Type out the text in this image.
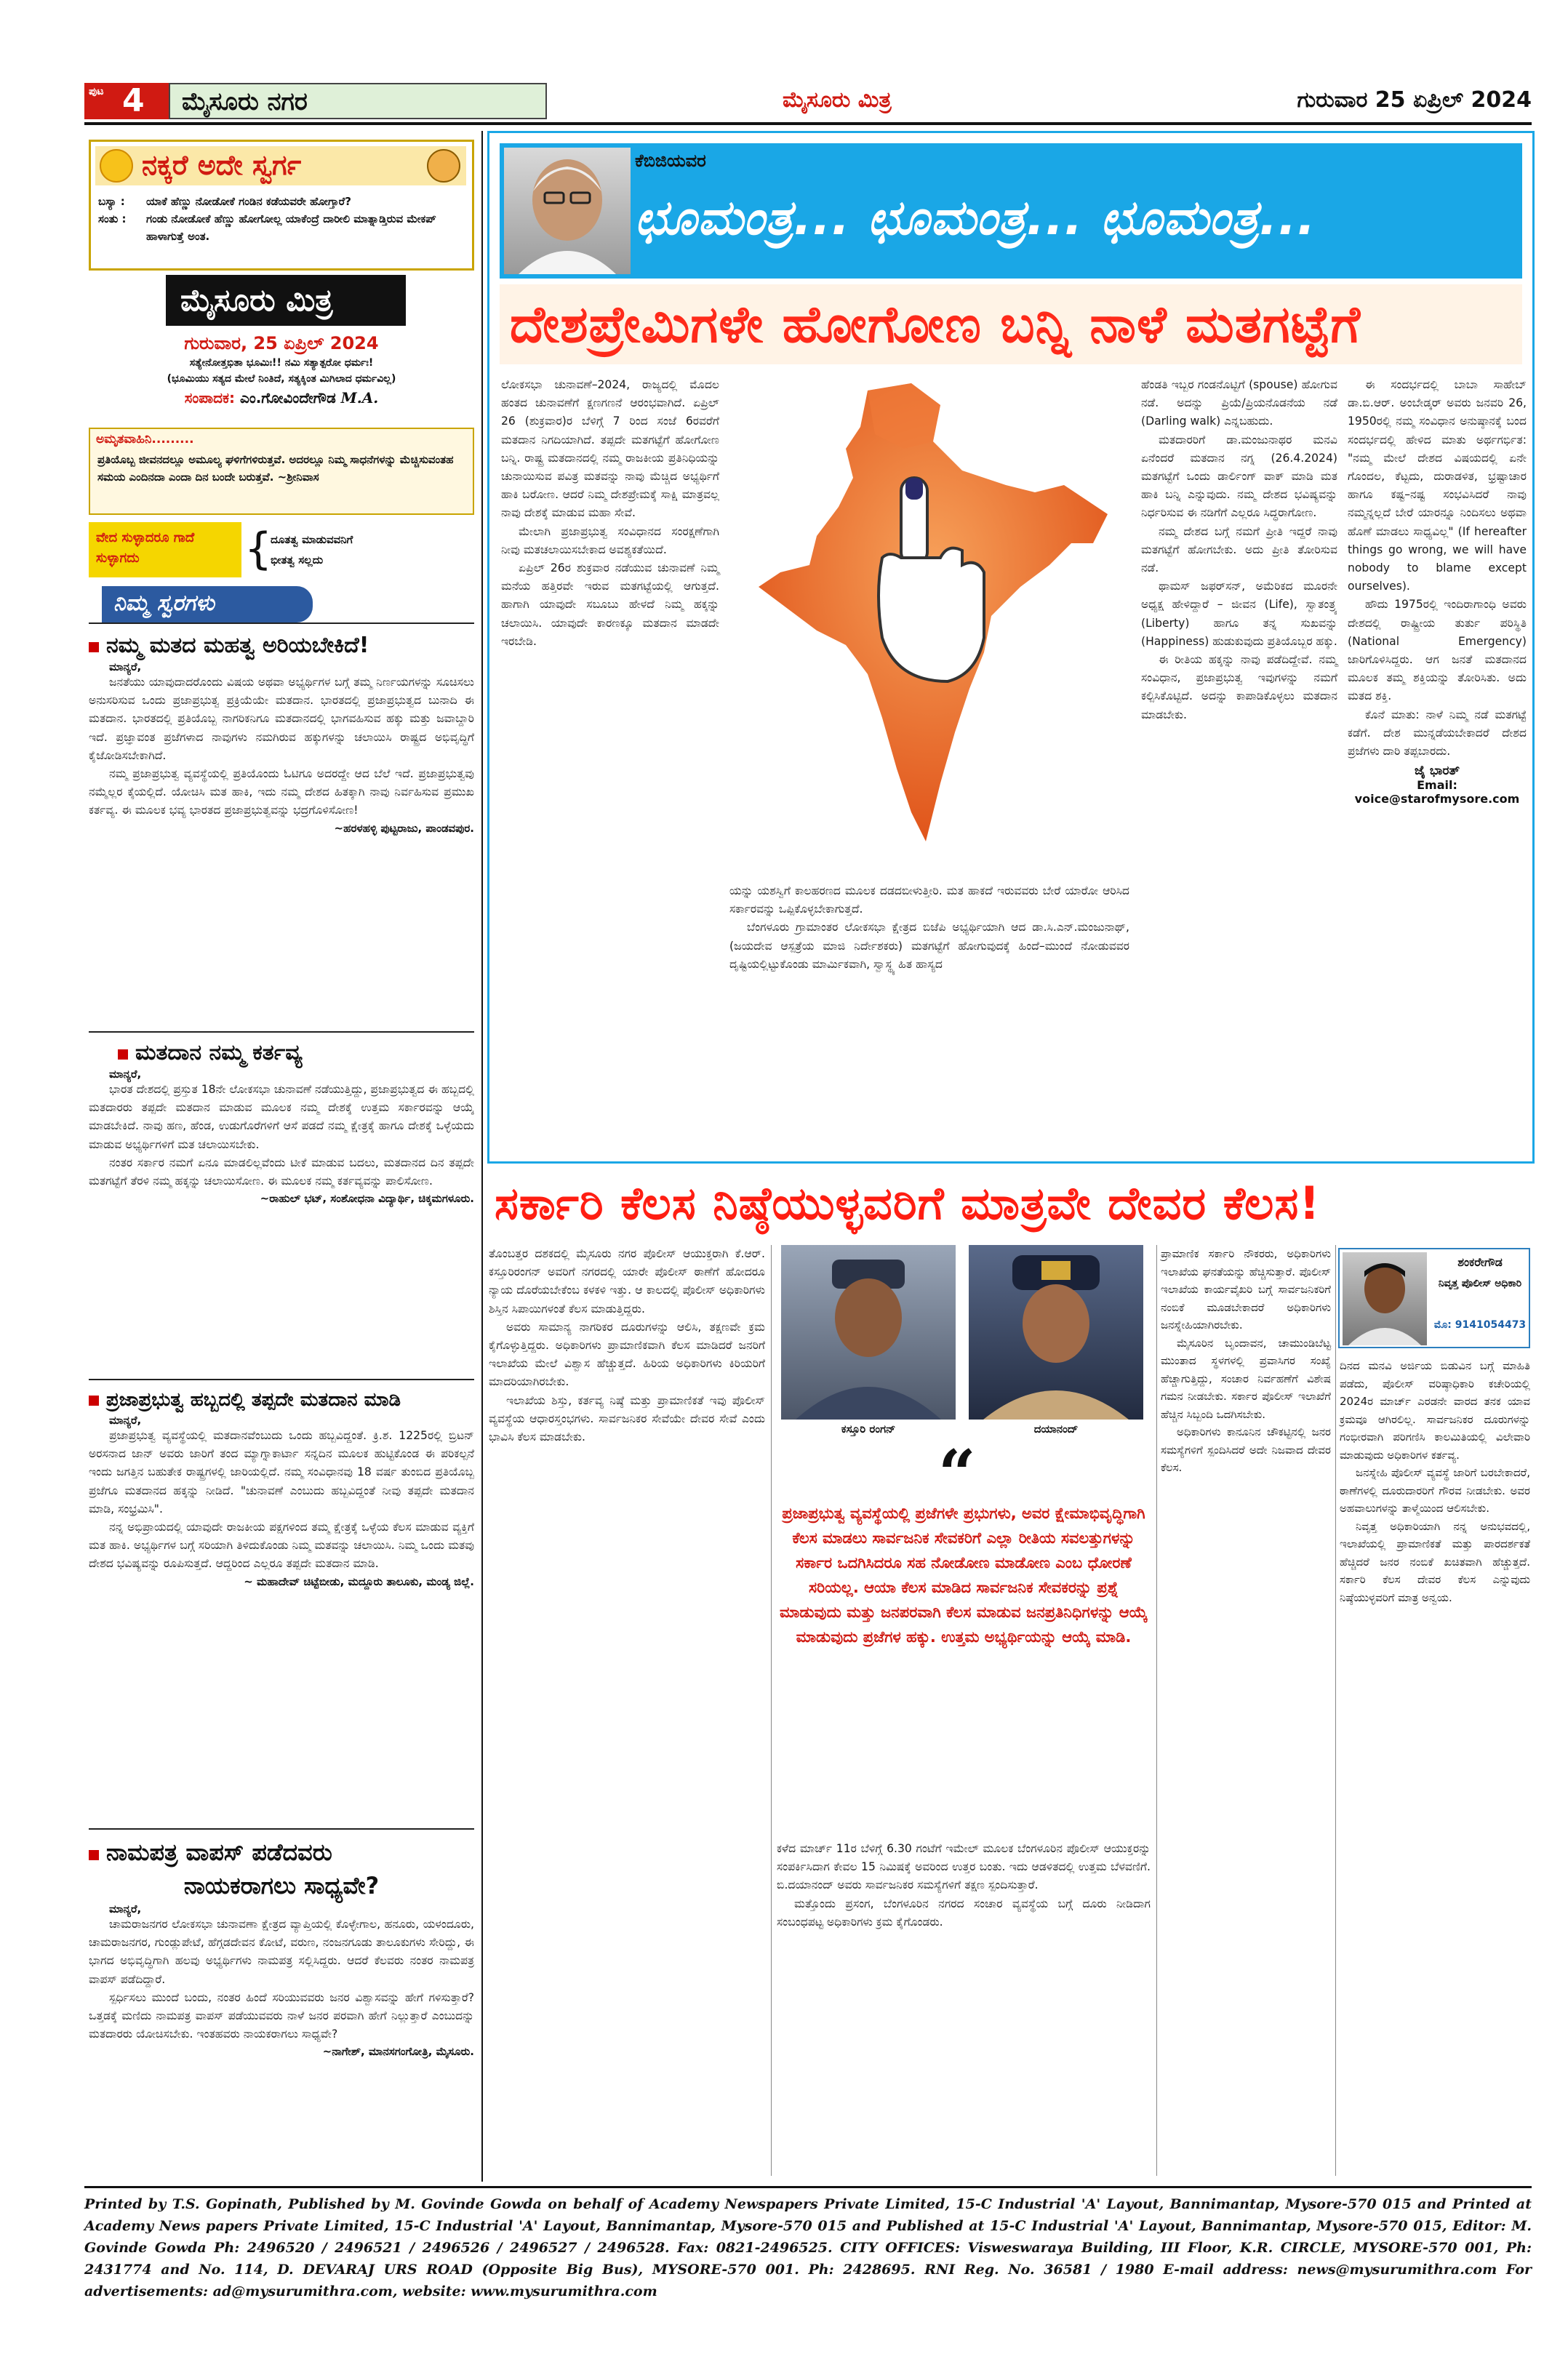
ಪುಟ 4 ಮೈಸೂರು ನಗರ	ಮೈಸೂರು ಮಿತ್ರ	ಗುರುವಾರ 25 ಏಪ್ರಿಲ್ 2024
ನಕ್ಕರೆ ಅದೇ ಸ್ವರ್ಗ
ಬಸ್ಯಾ :	ಯಾಕೆ ಹೆಣ್ಣು ನೋಡೋಕೆ ಗಂಡಿನ ಕಡೆಯವರೇ ಹೋಗ್ತಾರೆ?
ಸಂತು :	ಗಂಡು ನೋಡೋಕೆ ಹೆಣ್ಣು ಹೋಗೋಲ್ಲ ಯಾಕೆಂದ್ರೆ ದಾರೀಲಿ ಮಾತ್ನಾಡ್ತಿರುವ ಮೇಕಪ್ ಹಾಳಾಗುತ್ತೆ ಅಂತ.
ಮೈಸೂರು ಮಿತ್ರ
ಗುರುವಾರ, 25 ಏಪ್ರಿಲ್ 2024
ಸತ್ಯೇನೋತ್ತಭಿತಾ ಭೂಮಿಃ!! ನಮಿ ಸತ್ಯಾತ್ಪರೋ ಧರ್ಮಃ!
(ಭೂಮಿಯು ಸತ್ಯದ ಮೇಲೆ ನಿಂತಿದೆ, ಸತ್ಯಕ್ಕಿಂತ ಮಿಗಿಲಾದ ಧರ್ಮವಿಲ್ಲ)
ಸಂಪಾದಕ: ಎಂ.ಗೋವಿಂದೇಗೌಡ M.A.
ಅಮೃತವಾಹಿನಿ.........
ಪ್ರತಿಯೊಬ್ಬ ಜೀವನದಲ್ಲೂ ಅಮೂಲ್ಯ ಘಳಿಗೆಗಳಿರುತ್ತವೆ. ಅದರಲ್ಲೂ ನಿಮ್ಮ ಸಾಧನೆಗಳನ್ನು ಮೆಚ್ಚಿಸುವಂತಹ ಸಮಯ ಎಂದಿನದಾ ಎಂದಾ ದಿನ ಬಂದೇ ಬರುತ್ತವೆ. ~ಶ್ರೀನಿವಾಸ
ವೇದ ಸುಳ್ಳಾದರೂ ಗಾದೆ ಸುಳ್ಳಾಗದು	{
ದೂತತ್ವ ಮಾಡುವವನಿಗೆ
ಭೀತತ್ವ ಸಲ್ಲದು
ನಿಮ್ಮ ಸ್ವರಗಳು
ನಮ್ಮ ಮತದ ಮಹತ್ವ ಅರಿಯಬೇಕಿದೆ!

ಮಾನ್ಯರೆ,

ಜನತೆಯು ಯಾವುದಾದರೊಂದು ವಿಷಯ ಅಥವಾ ಅಭ್ಯರ್ಥಿಗಳ ಬಗ್ಗೆ ತಮ್ಮ ನಿರ್ಣಯಗಳನ್ನು ಸೂಚಿಸಲು ಅನುಸರಿಸುವ ಒಂದು ಪ್ರಜಾಪ್ರಭುತ್ವ ಪ್ರಕ್ರಿಯೆಯೇ ಮತದಾನ. ಭಾರತದಲ್ಲಿ ಪ್ರಜಾಪ್ರಭುತ್ವದ ಬುನಾದಿ ಈ ಮತದಾನ. ಭಾರತದಲ್ಲಿ ಪ್ರತಿಯೊಬ್ಬ ನಾಗರಿಕನಿಗೂ ಮತದಾನದಲ್ಲಿ ಭಾಗವಹಿಸುವ ಹಕ್ಕು ಮತ್ತು ಜವಾಬ್ದಾರಿ ಇದೆ. ಪ್ರಜ್ಞಾವಂತ ಪ್ರಜೆಗಳಾದ ನಾವುಗಳು ನಮಗಿರುವ ಹಕ್ಕುಗಳನ್ನು ಚಲಾಯಿಸಿ ರಾಷ್ಟ್ರದ ಅಭಿವೃದ್ಧಿಗೆ ಕೈಜೋಡಿಸಬೇಕಾಗಿದೆ.

ನಮ್ಮ ಪ್ರಜಾಪ್ರಭುತ್ವ ವ್ಯವಸ್ಥೆಯಲ್ಲಿ ಪ್ರತಿಯೊಂದು ಓಟಿಗೂ ಅದರದ್ದೇ ಆದ ಬೆಲೆ ಇದೆ. ಪ್ರಜಾಪ್ರಭುತ್ವವು ನಮ್ಮೆಲ್ಲರ ಕೈಯಲ್ಲಿದೆ. ಯೋಚಿಸಿ ಮತ ಹಾಕಿ, ಇದು ನಮ್ಮ ದೇಶದ ಹಿತಕ್ಕಾಗಿ ನಾವು ನಿರ್ವಹಿಸುವ ಪ್ರಮುಖ ಕರ್ತವ್ಯ. ಈ ಮೂಲಕ ಭವ್ಯ ಭಾರತದ ಪ್ರಜಾಪ್ರಭುತ್ವವನ್ನು ಭದ್ರಗೊಳಿಸೋಣ!

~ಹರಳಹಳ್ಳಿ ಪುಟ್ಟರಾಜು, ಪಾಂಡವಪುರ.

ಮತದಾನ ನಮ್ಮ ಕರ್ತವ್ಯ

ಮಾನ್ಯರೆ,

ಭಾರತ ದೇಶದಲ್ಲಿ ಪ್ರಸ್ತುತ 18ನೇ ಲೋಕಸಭಾ ಚುನಾವಣೆ ನಡೆಯುತ್ತಿದ್ದು, ಪ್ರಜಾಪ್ರಭುತ್ವದ ಈ ಹಬ್ಬದಲ್ಲಿ ಮತದಾರರು ತಪ್ಪದೇ ಮತದಾನ ಮಾಡುವ ಮೂಲಕ ನಮ್ಮ ದೇಶಕ್ಕೆ ಉತ್ತಮ ಸರ್ಕಾರವನ್ನು ಆಯ್ಕೆ ಮಾಡಬೇಕಿದೆ. ನಾವು ಹಣ, ಹೆಂಡ, ಉಡುಗೊರೆಗಳಿಗೆ ಆಸೆ ಪಡದೆ ನಮ್ಮ ಕ್ಷೇತ್ರಕ್ಕೆ ಹಾಗೂ ದೇಶಕ್ಕೆ ಒಳ್ಳೆಯದು ಮಾಡುವ ಅಭ್ಯರ್ಥಿಗಳಿಗೆ ಮತ ಚಲಾಯಿಸಬೇಕು.

ನಂತರ ಸರ್ಕಾರ ನಮಗೆ ಏನೂ ಮಾಡಲಿಲ್ಲವೆಂದು ಟೀಕೆ ಮಾಡುವ ಬದಲು, ಮತದಾನದ ದಿನ ತಪ್ಪದೇ ಮತಗಟ್ಟೆಗೆ ತೆರಳಿ ನಮ್ಮ ಹಕ್ಕನ್ನು ಚಲಾಯಿಸೋಣ. ಈ ಮೂಲಕ ನಮ್ಮ ಕರ್ತವ್ಯವನ್ನು ಪಾಲಿಸೋಣ.

~ರಾಹುಲ್ ಭಟ್, ಸಂಶೋಧನಾ ವಿದ್ಯಾರ್ಥಿ, ಚಿಕ್ಕಮಗಳೂರು.

ಪ್ರಜಾಪ್ರಭುತ್ವ ಹಬ್ಬದಲ್ಲಿ ತಪ್ಪದೇ ಮತದಾನ ಮಾಡಿ

ಮಾನ್ಯರೆ,

ಪ್ರಜಾಪ್ರಭುತ್ವ ವ್ಯವಸ್ಥೆಯಲ್ಲಿ ಮತದಾನವೆಂಬುದು ಒಂದು ಹಬ್ಬವಿದ್ದಂತೆ. ಕ್ರಿ.ಶ. 1225ರಲ್ಲಿ ಬ್ರಿಟನ್ ಅರಸನಾದ ಜಾನ್ ಅವರು ಜಾರಿಗೆ ತಂದ ಮ್ಯಾಗ್ನಾಕಾರ್ಟಾ ಸನ್ನದಿನ ಮೂಲಕ ಹುಟ್ಟಿಕೊಂಡ ಈ ಪರಿಕಲ್ಪನೆ ಇಂದು ಜಗತ್ತಿನ ಬಹುತೇಕ ರಾಷ್ಟ್ರಗಳಲ್ಲಿ ಜಾರಿಯಲ್ಲಿದೆ. ನಮ್ಮ ಸಂವಿಧಾನವು 18 ವರ್ಷ ತುಂಬಿದ ಪ್ರತಿಯೊಬ್ಬ ಪ್ರಜೆಗೂ ಮತದಾನದ ಹಕ್ಕನ್ನು ನೀಡಿದೆ. "ಚುನಾವಣೆ ಎಂಬುದು ಹಬ್ಬವಿದ್ದಂತೆ ನೀವು ತಪ್ಪದೇ ಮತದಾನ ಮಾಡಿ, ಸಂಭ್ರಮಿಸಿ".

ನನ್ನ ಅಭಿಪ್ರಾಯದಲ್ಲಿ ಯಾವುದೇ ರಾಜಕೀಯ ಪಕ್ಷಗಳಿಂದ ತಮ್ಮ ಕ್ಷೇತ್ರಕ್ಕೆ ಒಳ್ಳೆಯ ಕೆಲಸ ಮಾಡುವ ವ್ಯಕ್ತಿಗೆ ಮತ ಹಾಕಿ. ಅಭ್ಯರ್ಥಿಗಳ ಬಗ್ಗೆ ಸರಿಯಾಗಿ ತಿಳಿದುಕೊಂಡು ನಿಮ್ಮ ಮತವನ್ನು ಚಲಾಯಿಸಿ. ನಿಮ್ಮ ಒಂದು ಮತವು ದೇಶದ ಭವಿಷ್ಯವನ್ನು ರೂಪಿಸುತ್ತದೆ. ಆದ್ದರಿಂದ ಎಲ್ಲರೂ ತಪ್ಪದೇ ಮತದಾನ ಮಾಡಿ.

~ ಮಹಾದೇವ್ ಚಿಟ್ಟೆಬೀಡು, ಮದ್ದೂರು ತಾಲೂಕು, ಮಂಡ್ಯ ಜಿಲ್ಲೆ.

ನಾಮಪತ್ರ ವಾಪಸ್ ಪಡೆದವರು
ನಾಯಕರಾಗಲು ಸಾಧ್ಯವೇ?

ಮಾನ್ಯರೆ,

ಚಾಮರಾಜನಗರ ಲೋಕಸಭಾ ಚುನಾವಣಾ ಕ್ಷೇತ್ರದ ವ್ಯಾಪ್ತಿಯಲ್ಲಿ ಕೊಳ್ಳೇಗಾಲ, ಹನೂರು, ಯಳಂದೂರು, ಚಾಮರಾಜನಗರ, ಗುಂಡ್ಲುಪೇಟೆ, ಹೆಗ್ಗಡದೇವನ ಕೋಟೆ, ವರುಣ, ನಂಜನಗೂಡು ತಾಲೂಕುಗಳು ಸೇರಿದ್ದು, ಈ ಭಾಗದ ಅಭಿವೃದ್ಧಿಗಾಗಿ ಹಲವು ಅಭ್ಯರ್ಥಿಗಳು ನಾಮಪತ್ರ ಸಲ್ಲಿಸಿದ್ದರು. ಆದರೆ ಕೆಲವರು ನಂತರ ನಾಮಪತ್ರ ವಾಪಸ್ ಪಡೆದಿದ್ದಾರೆ.

ಸ್ಪರ್ಧಿಸಲು ಮುಂದೆ ಬಂದು, ನಂತರ ಹಿಂದೆ ಸರಿಯುವವರು ಜನರ ವಿಶ್ವಾಸವನ್ನು ಹೇಗೆ ಗಳಿಸುತ್ತಾರೆ? ಒತ್ತಡಕ್ಕೆ ಮಣಿದು ನಾಮಪತ್ರ ವಾಪಸ್ ಪಡೆಯುವವರು ನಾಳೆ ಜನರ ಪರವಾಗಿ ಹೇಗೆ ನಿಲ್ಲುತ್ತಾರೆ ಎಂಬುದನ್ನು ಮತದಾರರು ಯೋಚಿಸಬೇಕು. ಇಂತಹವರು ನಾಯಕರಾಗಲು ಸಾಧ್ಯವೇ?

~ನಾಗೇಶ್, ಮಾನಸಗಂಗೋತ್ರಿ, ಮೈಸೂರು.

ಕೆಬಿಜಿಯವರ
ಛೂಮಂತ್ರ... ಛೂಮಂತ್ರ... ಛೂಮಂತ್ರ...
ದೇಶಪ್ರೇಮಿಗಳೇ ಹೋಗೋಣ ಬನ್ನಿ ನಾಳೆ ಮತಗಟ್ಟೆಗೆ

ಲೋಕಸಭಾ ಚುನಾವಣೆ–2024, ರಾಜ್ಯದಲ್ಲಿ ಮೊದಲ ಹಂತದ ಚುನಾವಣೆಗೆ ಕ್ಷಣಗಣನೆ ಆರಂಭವಾಗಿದೆ. ಏಪ್ರಿಲ್ 26 (ಶುಕ್ರವಾರ)ರ ಬೆಳಿಗ್ಗೆ 7 ರಿಂದ ಸಂಜೆ 6ರವರೆಗೆ ಮತದಾನ ನಿಗದಿಯಾಗಿದೆ. ತಪ್ಪದೇ ಮತಗಟ್ಟೆಗೆ ಹೋಗೋಣ ಬನ್ನಿ. ರಾಷ್ಟ್ರ ಮತದಾನದಲ್ಲಿ ನಮ್ಮ ರಾಜಕೀಯ ಪ್ರತಿನಿಧಿಯನ್ನು ಚುನಾಯಿಸುವ ಪವಿತ್ರ ಮತವನ್ನು ನಾವು ಮೆಚ್ಚಿದ ಅಭ್ಯರ್ಥಿಗೆ ಹಾಕಿ ಬರೋಣ. ಆದರೆ ನಿಮ್ಮ ದೇಶಪ್ರೇಮಕ್ಕೆ ಸಾಕ್ಷಿ ಮಾತ್ರವಲ್ಲ ನಾವು ದೇಶಕ್ಕೆ ಮಾಡುವ ಮಹಾ ಸೇವೆ.

ಮೇಲಾಗಿ ಪ್ರಜಾಪ್ರಭುತ್ವ ಸಂವಿಧಾನದ ಸಂರಕ್ಷಣೆಗಾಗಿ ನೀವು ಮತಚಲಾಯಿಸಬೇಕಾದ ಅವಶ್ಯಕತೆಯಿದೆ.

ಏಪ್ರಿಲ್ 26ರ ಶುಕ್ರವಾರ ನಡೆಯುವ ಚುನಾವಣೆ ನಿಮ್ಮ ಮನೆಯ ಹತ್ತಿರವೇ ಇರುವ ಮತಗಟ್ಟೆಯಲ್ಲಿ ಆಗುತ್ತದೆ. ಹಾಗಾಗಿ ಯಾವುದೇ ಸಬೂಬು ಹೇಳದೆ ನಿಮ್ಮ ಹಕ್ಕನ್ನು ಚಲಾಯಿಸಿ. ಯಾವುದೇ ಕಾರಣಕ್ಕೂ ಮತದಾನ ಮಾಡದೇ ಇರಬೇಡಿ.

ಯನ್ನು ಯಶಸ್ವಿಗೆ ಕಾಲಹರಣದ ಮೂಲಕ ದಡದಬೀಳುತ್ತೀರಿ. ಮತ ಹಾಕದೆ ಇರುವವರು ಬೇರೆ ಯಾರೋ ಆರಿಸಿದ ಸರ್ಕಾರವನ್ನು ಒಪ್ಪಿಕೊಳ್ಳಬೇಕಾಗುತ್ತದೆ.

ಬೆಂಗಳೂರು ಗ್ರಾಮಾಂತರ ಲೋಕಸಭಾ ಕ್ಷೇತ್ರದ ಬಿಜೆಪಿ ಅಭ್ಯರ್ಥಿಯಾಗಿ ಆದ ಡಾ.ಸಿ.ಎನ್.ಮಂಜುನಾಥ್, (ಜಯದೇವ ಆಸ್ಪತ್ರೆಯ ಮಾಜಿ ನಿರ್ದೇಶಕರು) ಮತಗಟ್ಟೆಗೆ ಹೋಗುವುದಕ್ಕೆ ಹಿಂದೆ–ಮುಂದೆ ನೋಡುವವರ ದೃಷ್ಟಿಯಲ್ಲಿಟ್ಟುಕೊಂಡು ಮಾರ್ಮಿಕವಾಗಿ, ಸ್ವಾಸ್ಥ್ಯ ಹಿತ ಹಾಸ್ಯದ

ಹೆಂಡತಿ ಇಬ್ಬರ ಗಂಡನೊಟ್ಟಿಗೆ (spouse) ಹೋಗುವ ನಡೆ. ಅದನ್ನು ಪ್ರಿಯೆ/ಪ್ರಿಯನೊಡನೆಯ ನಡೆ (Darling walk) ಎನ್ನಬಹುದು.

ಮತದಾರರಿಗೆ ಡಾ.ಮಂಜುನಾಥರ ಮನವಿ ಏನೆಂದರೆ ಮತದಾನ ನಗ್ನ (26.4.2024) ಮತಗಟ್ಟೆಗೆ ಒಂದು ಡಾರ್ಲಿಂಗ್ ವಾಕ್ ಮಾಡಿ ಮತ ಹಾಕಿ ಬನ್ನಿ ಎನ್ನುವುದು. ನಮ್ಮ ದೇಶದ ಭವಿಷ್ಯವನ್ನು ನಿರ್ಧರಿಸುವ ಈ ನಡಿಗೆಗೆ ಎಲ್ಲರೂ ಸಿದ್ಧರಾಗೋಣ.

ನಮ್ಮ ದೇಶದ ಬಗ್ಗೆ ನಮಗೆ ಪ್ರೀತಿ ಇದ್ದರೆ ನಾವು ಮತಗಟ್ಟೆಗೆ ಹೋಗಬೇಕು. ಅದು ಪ್ರೀತಿ ತೋರಿಸುವ ನಡೆ.

ಥಾಮಸ್ ಜಫರ್‌ಸನ್, ಅಮೆರಿಕದ ಮೂರನೇ ಅಧ್ಯಕ್ಷ ಹೇಳಿದ್ದಾರೆ – ಜೀವನ (Life), ಸ್ವಾತಂತ್ರ್ಯ (Liberty) ಹಾಗೂ ತನ್ನ ಸುಖವನ್ನು (Happiness) ಹುಡುಕುವುದು ಪ್ರತಿಯೊಬ್ಬರ ಹಕ್ಕು.

ಈ ರೀತಿಯ ಹಕ್ಕನ್ನು ನಾವು ಪಡೆದಿದ್ದೇವೆ. ನಮ್ಮ ಸಂವಿಧಾನ, ಪ್ರಜಾಪ್ರಭುತ್ವ ಇವುಗಳನ್ನು ನಮಗೆ ಕಲ್ಪಿಸಿಕೊಟ್ಟಿದೆ. ಅದನ್ನು ಕಾಪಾಡಿಕೊಳ್ಳಲು ಮತದಾನ ಮಾಡಬೇಕು.

ಈ ಸಂದರ್ಭದಲ್ಲಿ ಬಾಬಾ ಸಾಹೇಬ್ ಡಾ.ಬಿ.ಆರ್. ಅಂಬೇಡ್ಕರ್ ಅವರು ಜನವರಿ 26, 1950ರಲ್ಲಿ ನಮ್ಮ ಸಂವಿಧಾನ ಅನುಷ್ಠಾನಕ್ಕೆ ಬಂದ ಸಂದರ್ಭದಲ್ಲಿ ಹೇಳಿದ ಮಾತು ಅರ್ಥಗರ್ಭಿತ: "ನಮ್ಮ ಮೇಲೆ ದೇಶದ ವಿಷಯದಲ್ಲಿ ಏನೇ ಗೊಂದಲ, ಕೆಟ್ಟದು, ದುರಾಡಳಿತ, ಭ್ರಷ್ಟಾಚಾರ ಹಾಗೂ ಕಷ್ಟ–ನಷ್ಟ ಸಂಭವಿಸಿದರೆ ನಾವು ನಮ್ಮನ್ನಲ್ಲದೆ ಬೇರೆ ಯಾರನ್ನೂ ನಿಂದಿಸಲು ಅಥವಾ ಹೊಣೆ ಮಾಡಲು ಸಾಧ್ಯವಿಲ್ಲ" (If hereafter things go wrong, we will have nobody to blame except ourselves).

ಹೌದು 1975ರಲ್ಲಿ ಇಂದಿರಾಗಾಂಧಿ ಅವರು ದೇಶದಲ್ಲಿ ರಾಷ್ಟ್ರೀಯ ತುರ್ತು ಪರಿಸ್ಥಿತಿ (National Emergency) ಜಾರಿಗೊಳಿಸಿದ್ದರು. ಆಗ ಜನತೆ ಮತದಾನದ ಮೂಲಕ ತಮ್ಮ ಶಕ್ತಿಯನ್ನು ತೋರಿಸಿತು. ಅದು ಮತದ ಶಕ್ತಿ.

ಕೊನೆ ಮಾತು: ನಾಳೆ ನಿಮ್ಮ ನಡೆ ಮತಗಟ್ಟೆ ಕಡೆಗೆ. ದೇಶ ಮುನ್ನಡೆಯಬೇಕಾದರೆ ದೇಶದ ಪ್ರಜೆಗಳು ದಾರಿ ತಪ್ಪಬಾರದು.

ಜೈ ಭಾರತ್

Email:

voice@starofmysore.com

ಸರ್ಕಾರಿ ಕೆಲಸ ನಿಷ್ಠೆಯುಳ್ಳವರಿಗೆ ಮಾತ್ರವೇ ದೇವರ ಕೆಲಸ!

ತೊಂಬತ್ತರ ದಶಕದಲ್ಲಿ ಮೈಸೂರು ನಗರ ಪೊಲೀಸ್ ಆಯುಕ್ತರಾಗಿ ಕೆ.ಆರ್. ಕಸ್ತೂರಿರಂಗನ್ ಅವರಿಗೆ ನಗರದಲ್ಲಿ ಯಾರೇ ಪೊಲೀಸ್ ಠಾಣೆಗೆ ಹೋದರೂ ನ್ಯಾಯ ದೊರೆಯಬೇಕೆಂಬ ಕಳಕಳಿ ಇತ್ತು. ಆ ಕಾಲದಲ್ಲಿ ಪೊಲೀಸ್ ಅಧಿಕಾರಿಗಳು ಶಿಸ್ತಿನ ಸಿಪಾಯಿಗಳಂತೆ ಕೆಲಸ ಮಾಡುತ್ತಿದ್ದರು.

ಅವರು ಸಾಮಾನ್ಯ ನಾಗರಿಕರ ದೂರುಗಳನ್ನು ಆಲಿಸಿ, ತಕ್ಷಣವೇ ಕ್ರಮ ಕೈಗೊಳ್ಳುತ್ತಿದ್ದರು. ಅಧಿಕಾರಿಗಳು ಪ್ರಾಮಾಣಿಕವಾಗಿ ಕೆಲಸ ಮಾಡಿದರೆ ಜನರಿಗೆ ಇಲಾಖೆಯ ಮೇಲೆ ವಿಶ್ವಾಸ ಹೆಚ್ಚುತ್ತದೆ. ಹಿರಿಯ ಅಧಿಕಾರಿಗಳು ಕಿರಿಯರಿಗೆ ಮಾದರಿಯಾಗಿರಬೇಕು.

ಇಲಾಖೆಯ ಶಿಸ್ತು, ಕರ್ತವ್ಯ ನಿಷ್ಠೆ ಮತ್ತು ಪ್ರಾಮಾಣಿಕತೆ ಇವು ಪೊಲೀಸ್ ವ್ಯವಸ್ಥೆಯ ಆಧಾರಸ್ತಂಭಗಳು. ಸಾರ್ವಜನಿಕರ ಸೇವೆಯೇ ದೇವರ ಸೇವೆ ಎಂದು ಭಾವಿಸಿ ಕೆಲಸ ಮಾಡಬೇಕು.

ಕಸ್ತೂರಿ ರಂಗನ್	ದಯಾನಂದ್
“

ಪ್ರಜಾಪ್ರಭುತ್ವ ವ್ಯವಸ್ಥೆಯಲ್ಲಿ ಪ್ರಜೆಗಳೇ ಪ್ರಭುಗಳು, ಅವರ ಕ್ಷೇಮಾಭಿವೃದ್ಧಿಗಾಗಿ ಕೆಲಸ ಮಾಡಲು ಸಾರ್ವಜನಿಕ ಸೇವಕರಿಗೆ ಎಲ್ಲಾ ರೀತಿಯ ಸವಲತ್ತುಗಳನ್ನು ಸರ್ಕಾರ ಒದಗಿಸಿದರೂ ಸಹ ನೋಡೋಣ ಮಾಡೋಣ ಎಂಬ ಧೋರಣೆ ಸರಿಯಲ್ಲ. ಆಯಾ ಕೆಲಸ ಮಾಡಿದ ಸಾರ್ವಜನಿಕ ಸೇವಕರನ್ನು ಪ್ರಶ್ನೆ ಮಾಡುವುದು ಮತ್ತು ಜನಪರವಾಗಿ ಕೆಲಸ ಮಾಡುವ ಜನಪ್ರತಿನಿಧಿಗಳನ್ನು ಆಯ್ಕೆ ಮಾಡುವುದು ಪ್ರಜೆಗಳ ಹಕ್ಕು. ಉತ್ತಮ ಅಭ್ಯರ್ಥಿಯನ್ನು ಆಯ್ಕೆ ಮಾಡಿ.

ಕಳೆದ ಮಾರ್ಚ್ 11ರ ಬೆಳಿಗ್ಗೆ 6.30 ಗಂಟೆಗೆ ಇಮೇಲ್ ಮೂಲಕ ಬೆಂಗಳೂರಿನ ಪೊಲೀಸ್ ಆಯುಕ್ತರನ್ನು ಸಂಪರ್ಕಿಸಿದಾಗ ಕೇವಲ 15 ನಿಮಿಷಕ್ಕೆ ಅವರಿಂದ ಉತ್ತರ ಬಂತು. ಇದು ಆಡಳಿತದಲ್ಲಿ ಉತ್ತಮ ಬೆಳವಣಿಗೆ. ಬಿ.ದಯಾನಂದ್ ಅವರು ಸಾರ್ವಜನಿಕರ ಸಮಸ್ಯೆಗಳಿಗೆ ತಕ್ಷಣ ಸ್ಪಂದಿಸುತ್ತಾರೆ.

ಮತ್ತೊಂದು ಪ್ರಸಂಗ, ಬೆಂಗಳೂರಿನ ನಗರದ ಸಂಚಾರ ವ್ಯವಸ್ಥೆಯ ಬಗ್ಗೆ ದೂರು ನೀಡಿದಾಗ ಸಂಬಂಧಪಟ್ಟ ಅಧಿಕಾರಿಗಳು ಕ್ರಮ ಕೈಗೊಂಡರು.

ಶಂಕರೇಗೌಡ
ನಿವೃತ್ತ ಪೊಲೀಸ್ ಅಧಿಕಾರಿ
ಮೊ: 9141054473

ಪ್ರಾಮಾಣಿಕ ಸರ್ಕಾರಿ ನೌಕರರು, ಅಧಿಕಾರಿಗಳು ಇಲಾಖೆಯ ಘನತೆಯನ್ನು ಹೆಚ್ಚಿಸುತ್ತಾರೆ. ಪೊಲೀಸ್ ಇಲಾಖೆಯ ಕಾರ್ಯವೈಖರಿ ಬಗ್ಗೆ ಸಾರ್ವಜನಿಕರಿಗೆ ನಂಬಿಕೆ ಮೂಡಬೇಕಾದರೆ ಅಧಿಕಾರಿಗಳು ಜನಸ್ನೇಹಿಯಾಗಿರಬೇಕು.

ಮೈಸೂರಿನ ಬೃಂದಾವನ, ಚಾಮುಂಡಿಬೆಟ್ಟ ಮುಂತಾದ ಸ್ಥಳಗಳಲ್ಲಿ ಪ್ರವಾಸಿಗರ ಸಂಖ್ಯೆ ಹೆಚ್ಚಾಗುತ್ತಿದ್ದು, ಸಂಚಾರ ನಿರ್ವಹಣೆಗೆ ವಿಶೇಷ ಗಮನ ನೀಡಬೇಕು. ಸರ್ಕಾರ ಪೊಲೀಸ್ ಇಲಾಖೆಗೆ ಹೆಚ್ಚಿನ ಸಿಬ್ಬಂದಿ ಒದಗಿಸಬೇಕು.

ಅಧಿಕಾರಿಗಳು ಕಾನೂನಿನ ಚೌಕಟ್ಟಿನಲ್ಲಿ ಜನರ ಸಮಸ್ಯೆಗಳಿಗೆ ಸ್ಪಂದಿಸಿದರೆ ಅದೇ ನಿಜವಾದ ದೇವರ ಕೆಲಸ.

ದಿನದ ಮನವಿ ಅರ್ಜಿಯ ಬಿಡುವಿನ ಬಗ್ಗೆ ಮಾಹಿತಿ ಪಡೆದು, ಪೊಲೀಸ್ ವರಿಷ್ಠಾಧಿಕಾರಿ ಕಚೇರಿಯಲ್ಲಿ 2024ರ ಮಾರ್ಚ್ ಎರಡನೇ ವಾರದ ತನಕ ಯಾವ ಕ್ರಮವೂ ಆಗಿರಲಿಲ್ಲ. ಸಾರ್ವಜನಿಕರ ದೂರುಗಳನ್ನು ಗಂಭೀರವಾಗಿ ಪರಿಗಣಿಸಿ ಕಾಲಮಿತಿಯಲ್ಲಿ ವಿಲೇವಾರಿ ಮಾಡುವುದು ಅಧಿಕಾರಿಗಳ ಕರ್ತವ್ಯ.

ಜನಸ್ನೇಹಿ ಪೊಲೀಸ್ ವ್ಯವಸ್ಥೆ ಜಾರಿಗೆ ಬರಬೇಕಾದರೆ, ಠಾಣೆಗಳಲ್ಲಿ ದೂರುದಾರರಿಗೆ ಗೌರವ ನೀಡಬೇಕು. ಅವರ ಅಹವಾಲುಗಳನ್ನು ತಾಳ್ಮೆಯಿಂದ ಆಲಿಸಬೇಕು.

ನಿವೃತ್ತ ಅಧಿಕಾರಿಯಾಗಿ ನನ್ನ ಅನುಭವದಲ್ಲಿ, ಇಲಾಖೆಯಲ್ಲಿ ಪ್ರಾಮಾಣಿಕತೆ ಮತ್ತು ಪಾರದರ್ಶಕತೆ ಹೆಚ್ಚಿದರೆ ಜನರ ನಂಬಿಕೆ ಖಚಿತವಾಗಿ ಹೆಚ್ಚುತ್ತದೆ. ಸರ್ಕಾರಿ ಕೆಲಸ ದೇವರ ಕೆಲಸ ಎನ್ನುವುದು ನಿಷ್ಠೆಯುಳ್ಳವರಿಗೆ ಮಾತ್ರ ಅನ್ವಯ.

Printed by T.S. Gopinath, Published by M. Govinde Gowda on behalf of Academy Newspapers Private Limited, 15-C Industrial 'A' Layout, Bannimantap, Mysore-570 015 and Printed at Academy News papers Private Limited, 15-C Industrial 'A' Layout, Bannimantap, Mysore-570 015 and Published at 15-C Industrial 'A' Layout, Bannimantap, Mysore-570 015, Editor: M. Govinde Gowda Ph: 2496520 / 2496521 / 2496526 / 2496527 / 2496528. Fax: 0821-2496525. CITY OFFICES: Visweswaraya Building, III Floor, K.R. CIRCLE, MYSORE-570 001, Ph: 2431774 and No. 114, D. DEVARAJ URS ROAD (Opposite Big Bus), MYSORE-570 001. Ph: 2428695. RNI Reg. No. 36581 / 1980 E-mail address: news@mysurumithra.com For advertisements: ad@mysurumithra.com, website: www.mysurumithra.com
